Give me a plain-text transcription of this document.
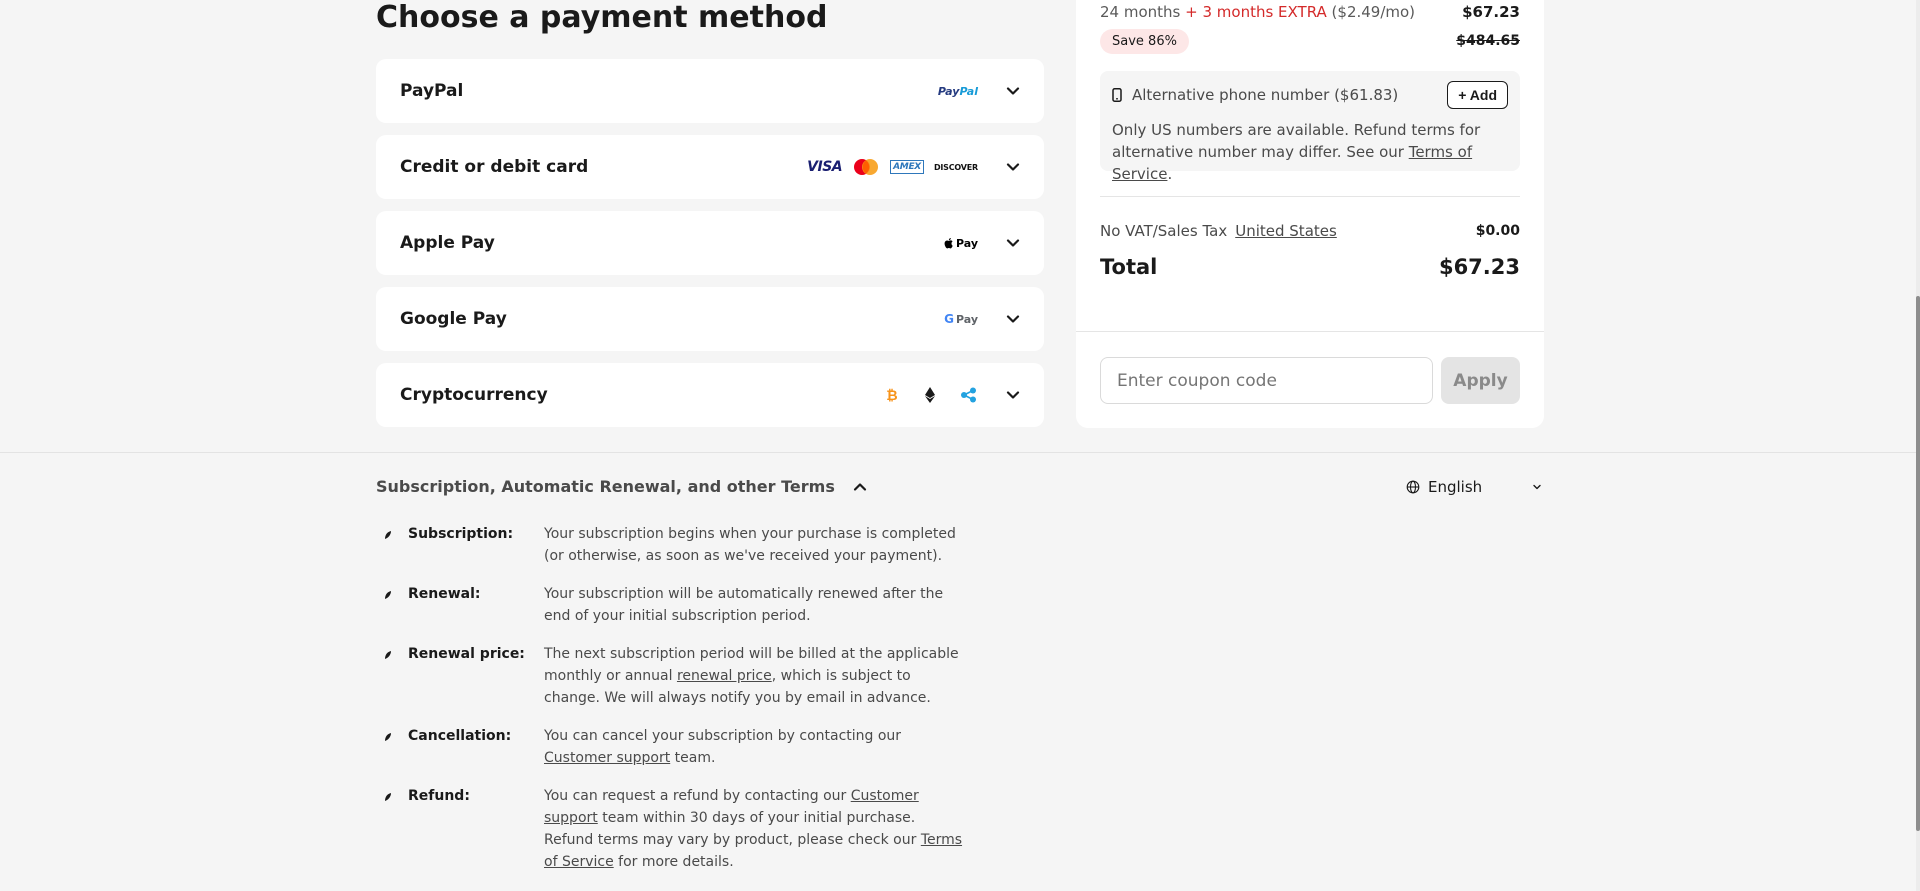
Choose a payment method
PayPal	PayPal
Credit or debit card	VISA	AMEX	DISCOVER
Apple Pay	Pay
Google Pay	G Pay
Cryptocurrency	₿
24 months + 3 months EXTRA ($2.49/mo)	$67.23
Save 86%	$484.65
Alternative phone number ($61.83)	+ Add

Only US numbers are available. Refund terms for alternative number may differ. See our Terms of Service.

No VAT/Sales Tax United States	$0.00
Total	$67.23
Enter coupon code
Apply
Subscription, Automatic Renewal, and other Terms	English
Subscription:	Your subscription begins when your purchase is completed (or otherwise, as soon as we've received your payment).
Renewal:	Your subscription will be automatically renewed after the end of your initial subscription period.
Renewal price:	The next subscription period will be billed at the applicable monthly or annual renewal price, which is subject to change. We will always notify you by email in advance.
Cancellation:	You can cancel your subscription by contacting our Customer support team.
Refund:	You can request a refund by contacting our Customer support team within 30 days of your initial purchase. Refund terms may vary by product, please check our Terms of Service for more details.
